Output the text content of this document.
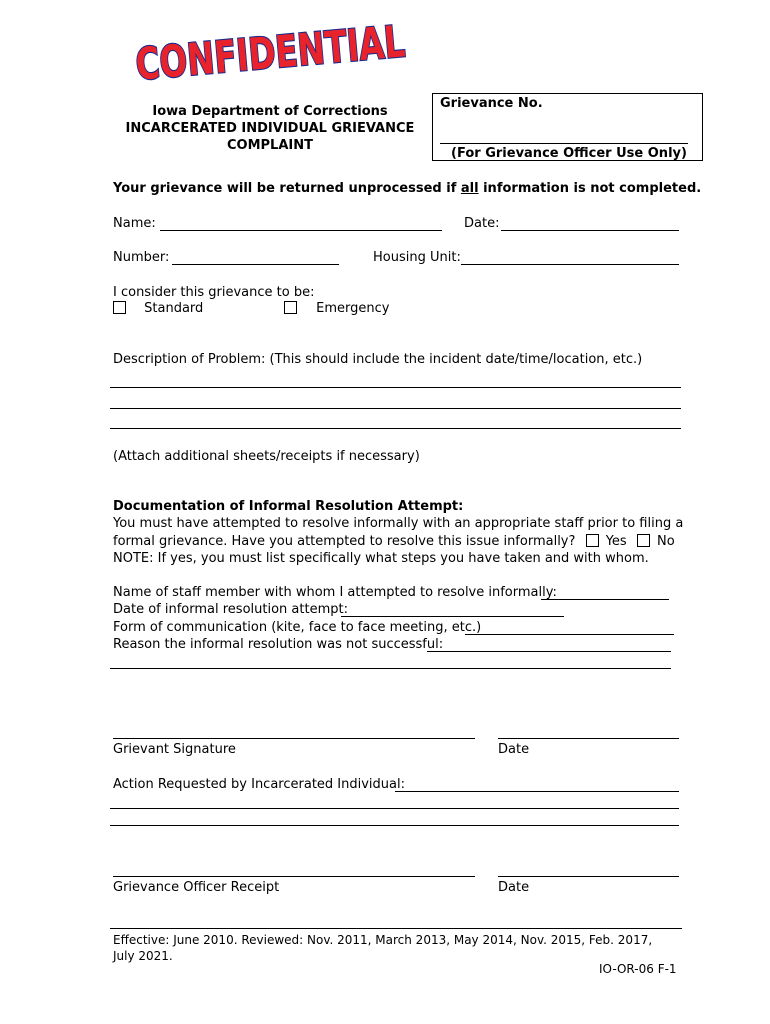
CONFIDENTIAL
Iowa Department of Corrections
INCARCERATED INDIVIDUAL GRIEVANCE
COMPLAINT
Grievance No.
(For Grievance Officer Use Only)
Your grievance will be returned unprocessed if all information is not completed.
Name:	Date:
Number:	Housing Unit:
I consider this grievance to be:
Standard	Emergency
Description of Problem: (This should include the incident date/time/location, etc.)
(Attach additional sheets/receipts if necessary)
Documentation of Informal Resolution Attempt:
You must have attempted to resolve informally with an appropriate staff prior to filing a
formal grievance. Have you attempted to resolve this issue informally? Yes No
NOTE: If yes, you must list specifically what steps you have taken and with whom.
Name of staff member with whom I attempted to resolve informally:
Date of informal resolution attempt:
Form of communication (kite, face to face meeting, etc.)
Reason the informal resolution was not successful:
Grievant Signature	Date
Action Requested by Incarcerated Individual:
Grievance Officer Receipt	Date
Effective: June 2010. Reviewed: Nov. 2011, March 2013, May 2014, Nov. 2015, Feb. 2017, July 2021.
IO-OR-06 F-1
